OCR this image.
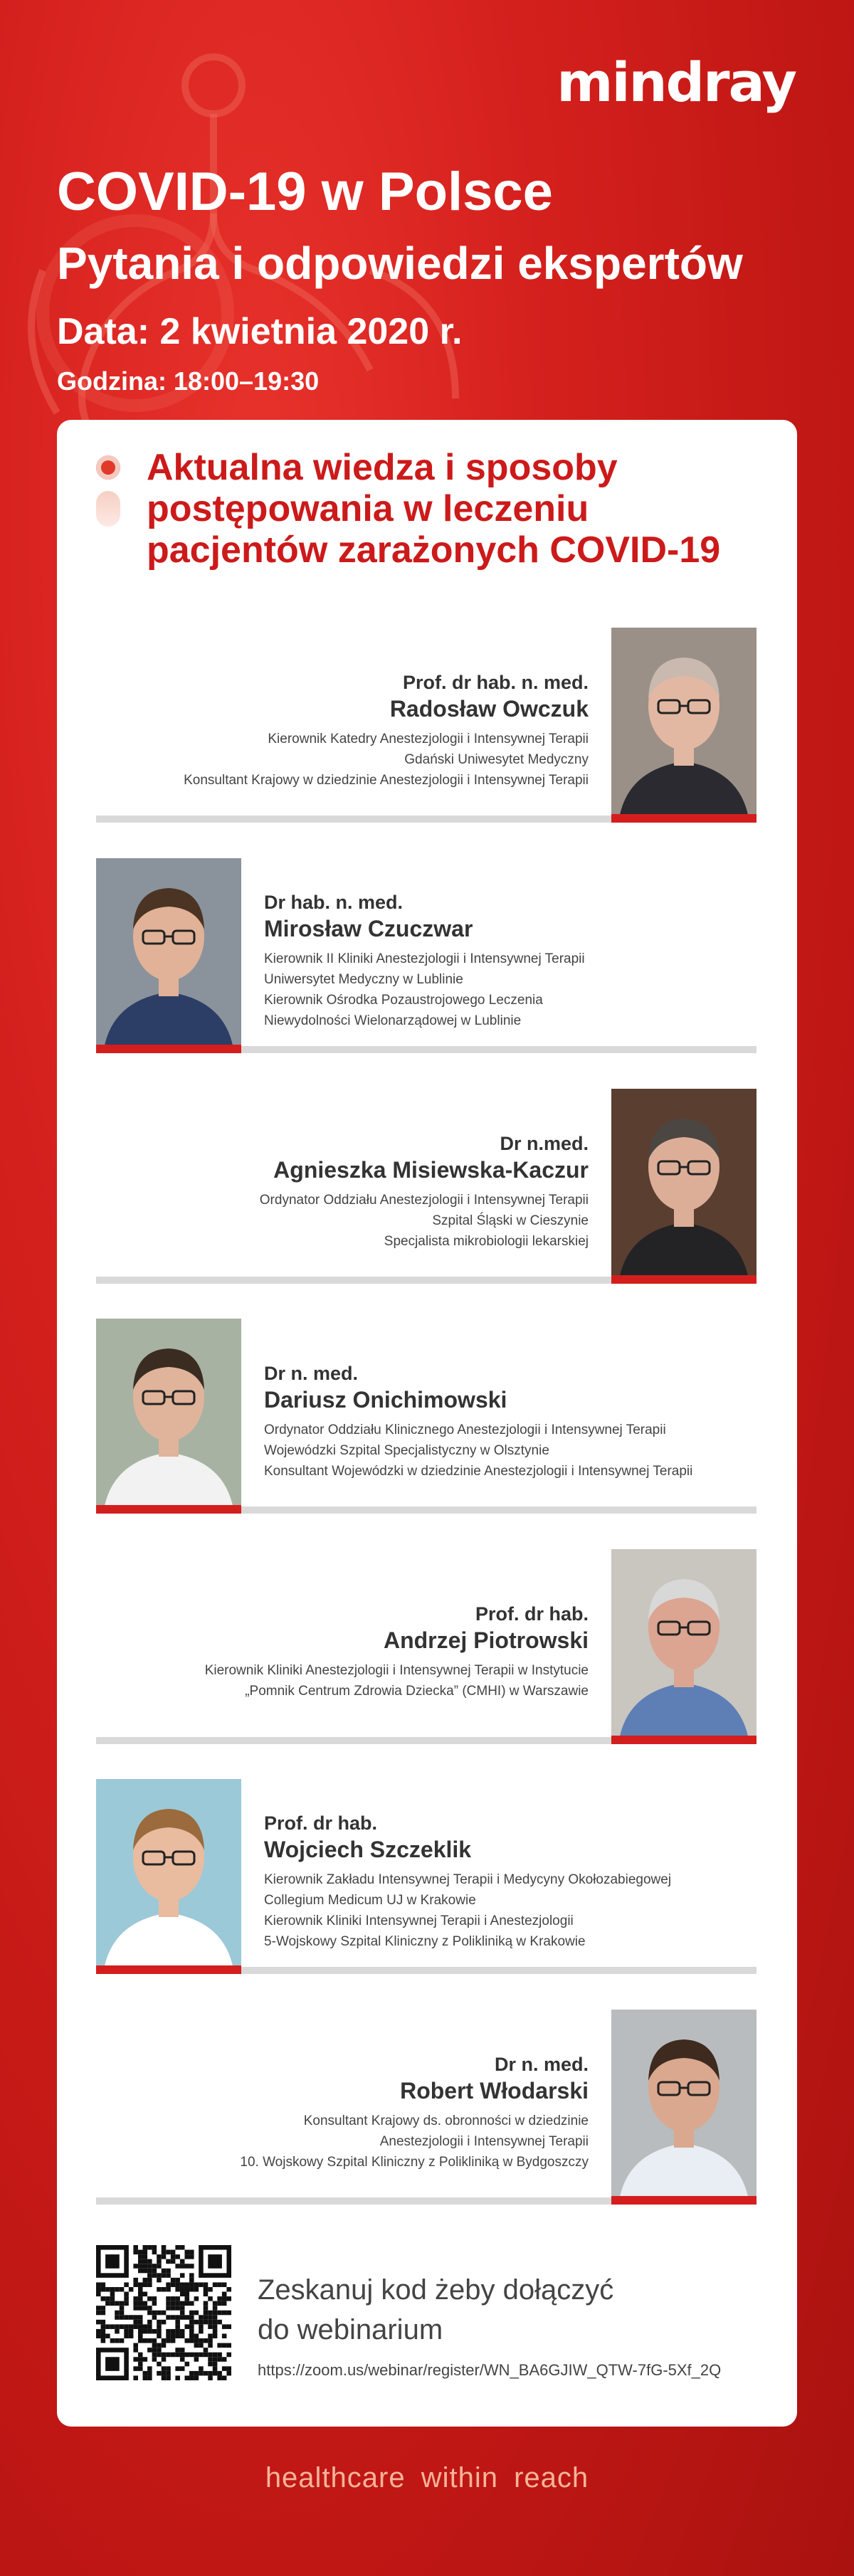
mindray
COVID-19 w Polsce
Pytania i odpowiedzi ekspertów
Data: 2 kwietnia 2020 r.
Godzina: 18:00–19:30
Aktualna wiedza i sposoby
postępowania w leczeniu
pacjentów zarażonych COVID-19
Prof. dr hab. n. med.
Radosław Owczuk
Kierownik Katedry Anestezjologii i Intensywnej Terapii
Gdański Uniwesytet Medyczny
Konsultant Krajowy w dziedzinie Anestezjologii i Intensywnej Terapii
Dr hab. n. med.
Mirosław Czuczwar
Kierownik II Kliniki Anestezjologii i Intensywnej Terapii
Uniwersytet Medyczny w Lublinie
Kierownik Ośrodka Pozaustrojowego Leczenia
Niewydolności Wielonarządowej w Lublinie
Dr n.med.
Agnieszka Misiewska-Kaczur
Ordynator Oddziału Anestezjologii i Intensywnej Terapii
Szpital Śląski w Cieszynie
Specjalista mikrobiologii lekarskiej
Dr n. med.
Dariusz Onichimowski
Ordynator Oddziału Klinicznego Anestezjologii i Intensywnej Terapii
Wojewódzki Szpital Specjalistyczny w Olsztynie
Konsultant Wojewódzki w dziedzinie Anestezjologii i Intensywnej Terapii
Prof. dr hab.
Andrzej Piotrowski
Kierownik Kliniki Anestezjologii i Intensywnej Terapii w Instytucie
„Pomnik Centrum Zdrowia Dziecka” (CMHI) w Warszawie
Prof. dr hab.
Wojciech Szczeklik
Kierownik Zakładu Intensywnej Terapii i Medycyny Okołozabiegowej
Collegium Medicum UJ w Krakowie
Kierownik Kliniki Intensywnej Terapii i Anestezjologii
5-Wojskowy Szpital Kliniczny z Polikliniką w Krakowie
Dr n. med.
Robert Włodarski
Konsultant Krajowy ds. obronności w dziedzinie
Anestezjologii i Intensywnej Terapii
10. Wojskowy Szpital Kliniczny z Polikliniką w Bydgoszczy
Zeskanuj kod żeby dołączyć
do webinarium
https://zoom.us/webinar/register/WN_BA6GJIW_QTW-7fG-5Xf_2Q
healthcare within reach
